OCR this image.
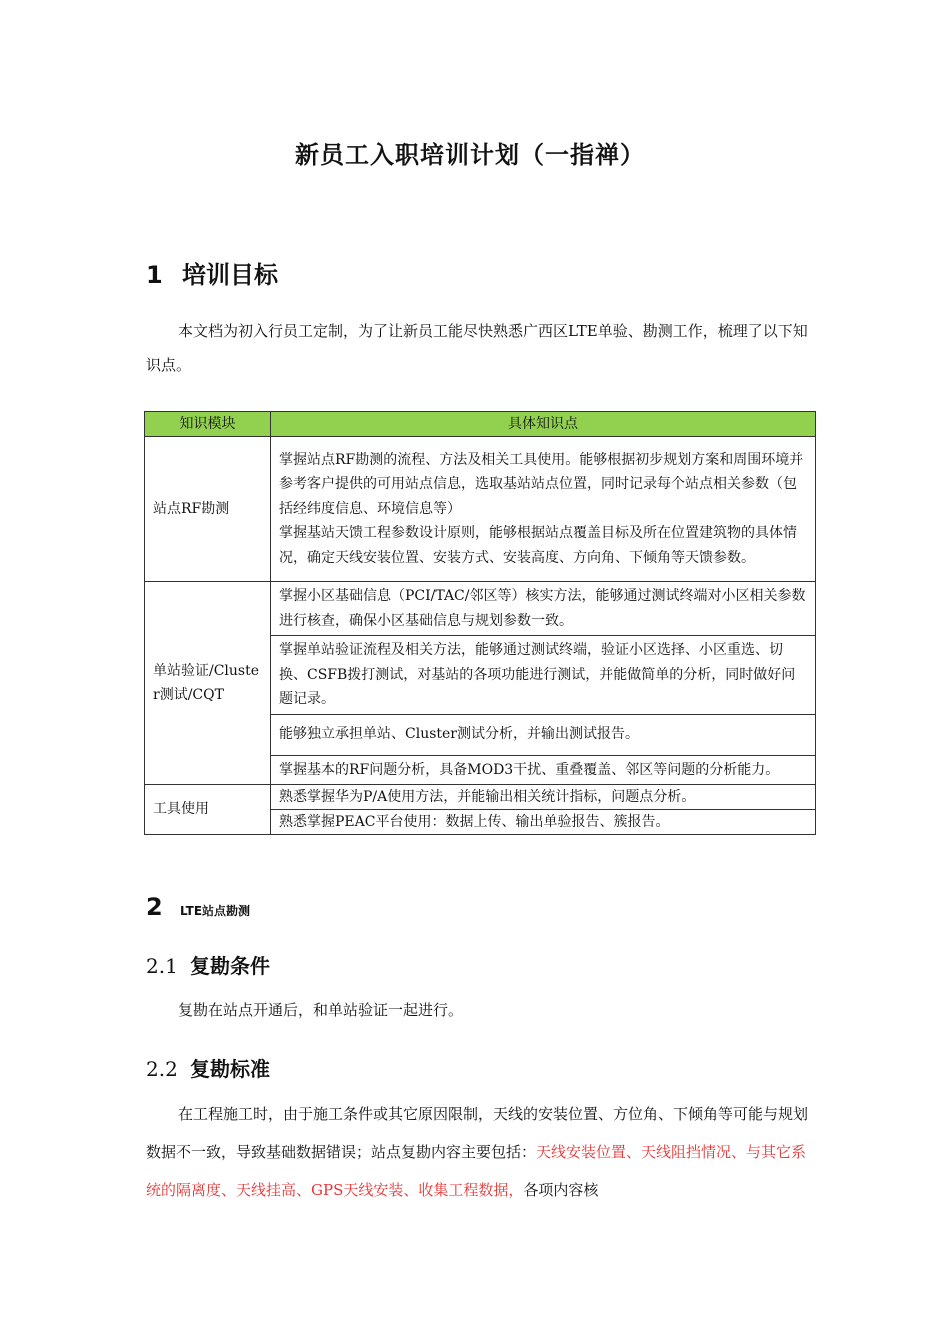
新员工入职培训计划（一指禅）
1 培训目标
本文档为初入行员工定制，为了让新员工能尽快熟悉广西区LTE单验、勘测工作，梳理了以下知识点。
知识模块	具体知识点
站点RF勘测	掌握站点RF勘测的流程、方法及相关工具使用。能够根据初步规划方案和周围环境并参考客户提供的可用站点信息，选取基站站点位置，同时记录每个站点相关参数（包括经纬度信息、环境信息等）
掌握基站天馈工程参数设计原则，能够根据站点覆盖目标及所在位置建筑物的具体情况，确定天线安装位置、安装方式、安装高度、方向角、下倾角等天馈参数。
单站验证/Cluster测试/CQT	掌握小区基础信息（PCI/TAC/邻区等）核实方法，能够通过测试终端对小区相关参数进行核查，确保小区基础信息与规划参数一致。
	掌握单站验证流程及相关方法，能够通过测试终端，验证小区选择、小区重选、切换、CSFB拨打测试，对基站的各项功能进行测试，并能做简单的分析，同时做好问题记录。
	能够独立承担单站、Cluster测试分析，并输出测试报告。
	掌握基本的RF问题分析，具备MOD3干扰、重叠覆盖、邻区等问题的分析能力。
工具使用	熟悉掌握华为P/A使用方法，并能输出相关统计指标，问题点分析。
	熟悉掌握PEAC平台使用：数据上传、输出单验报告、簇报告。
2	LTE站点勘测
2.1 复勘条件
复勘在站点开通后，和单站验证一起进行。
2.2 复勘标准
在工程施工时，由于施工条件或其它原因限制，天线的安装位置、方位角、下倾角等可能与规划数据不一致，导致基础数据错误；站点复勘内容主要包括：天线安装位置、天线阻挡情况、与其它系统的隔离度、天线挂高、GPS天线安装、收集工程数据，各项内容核
